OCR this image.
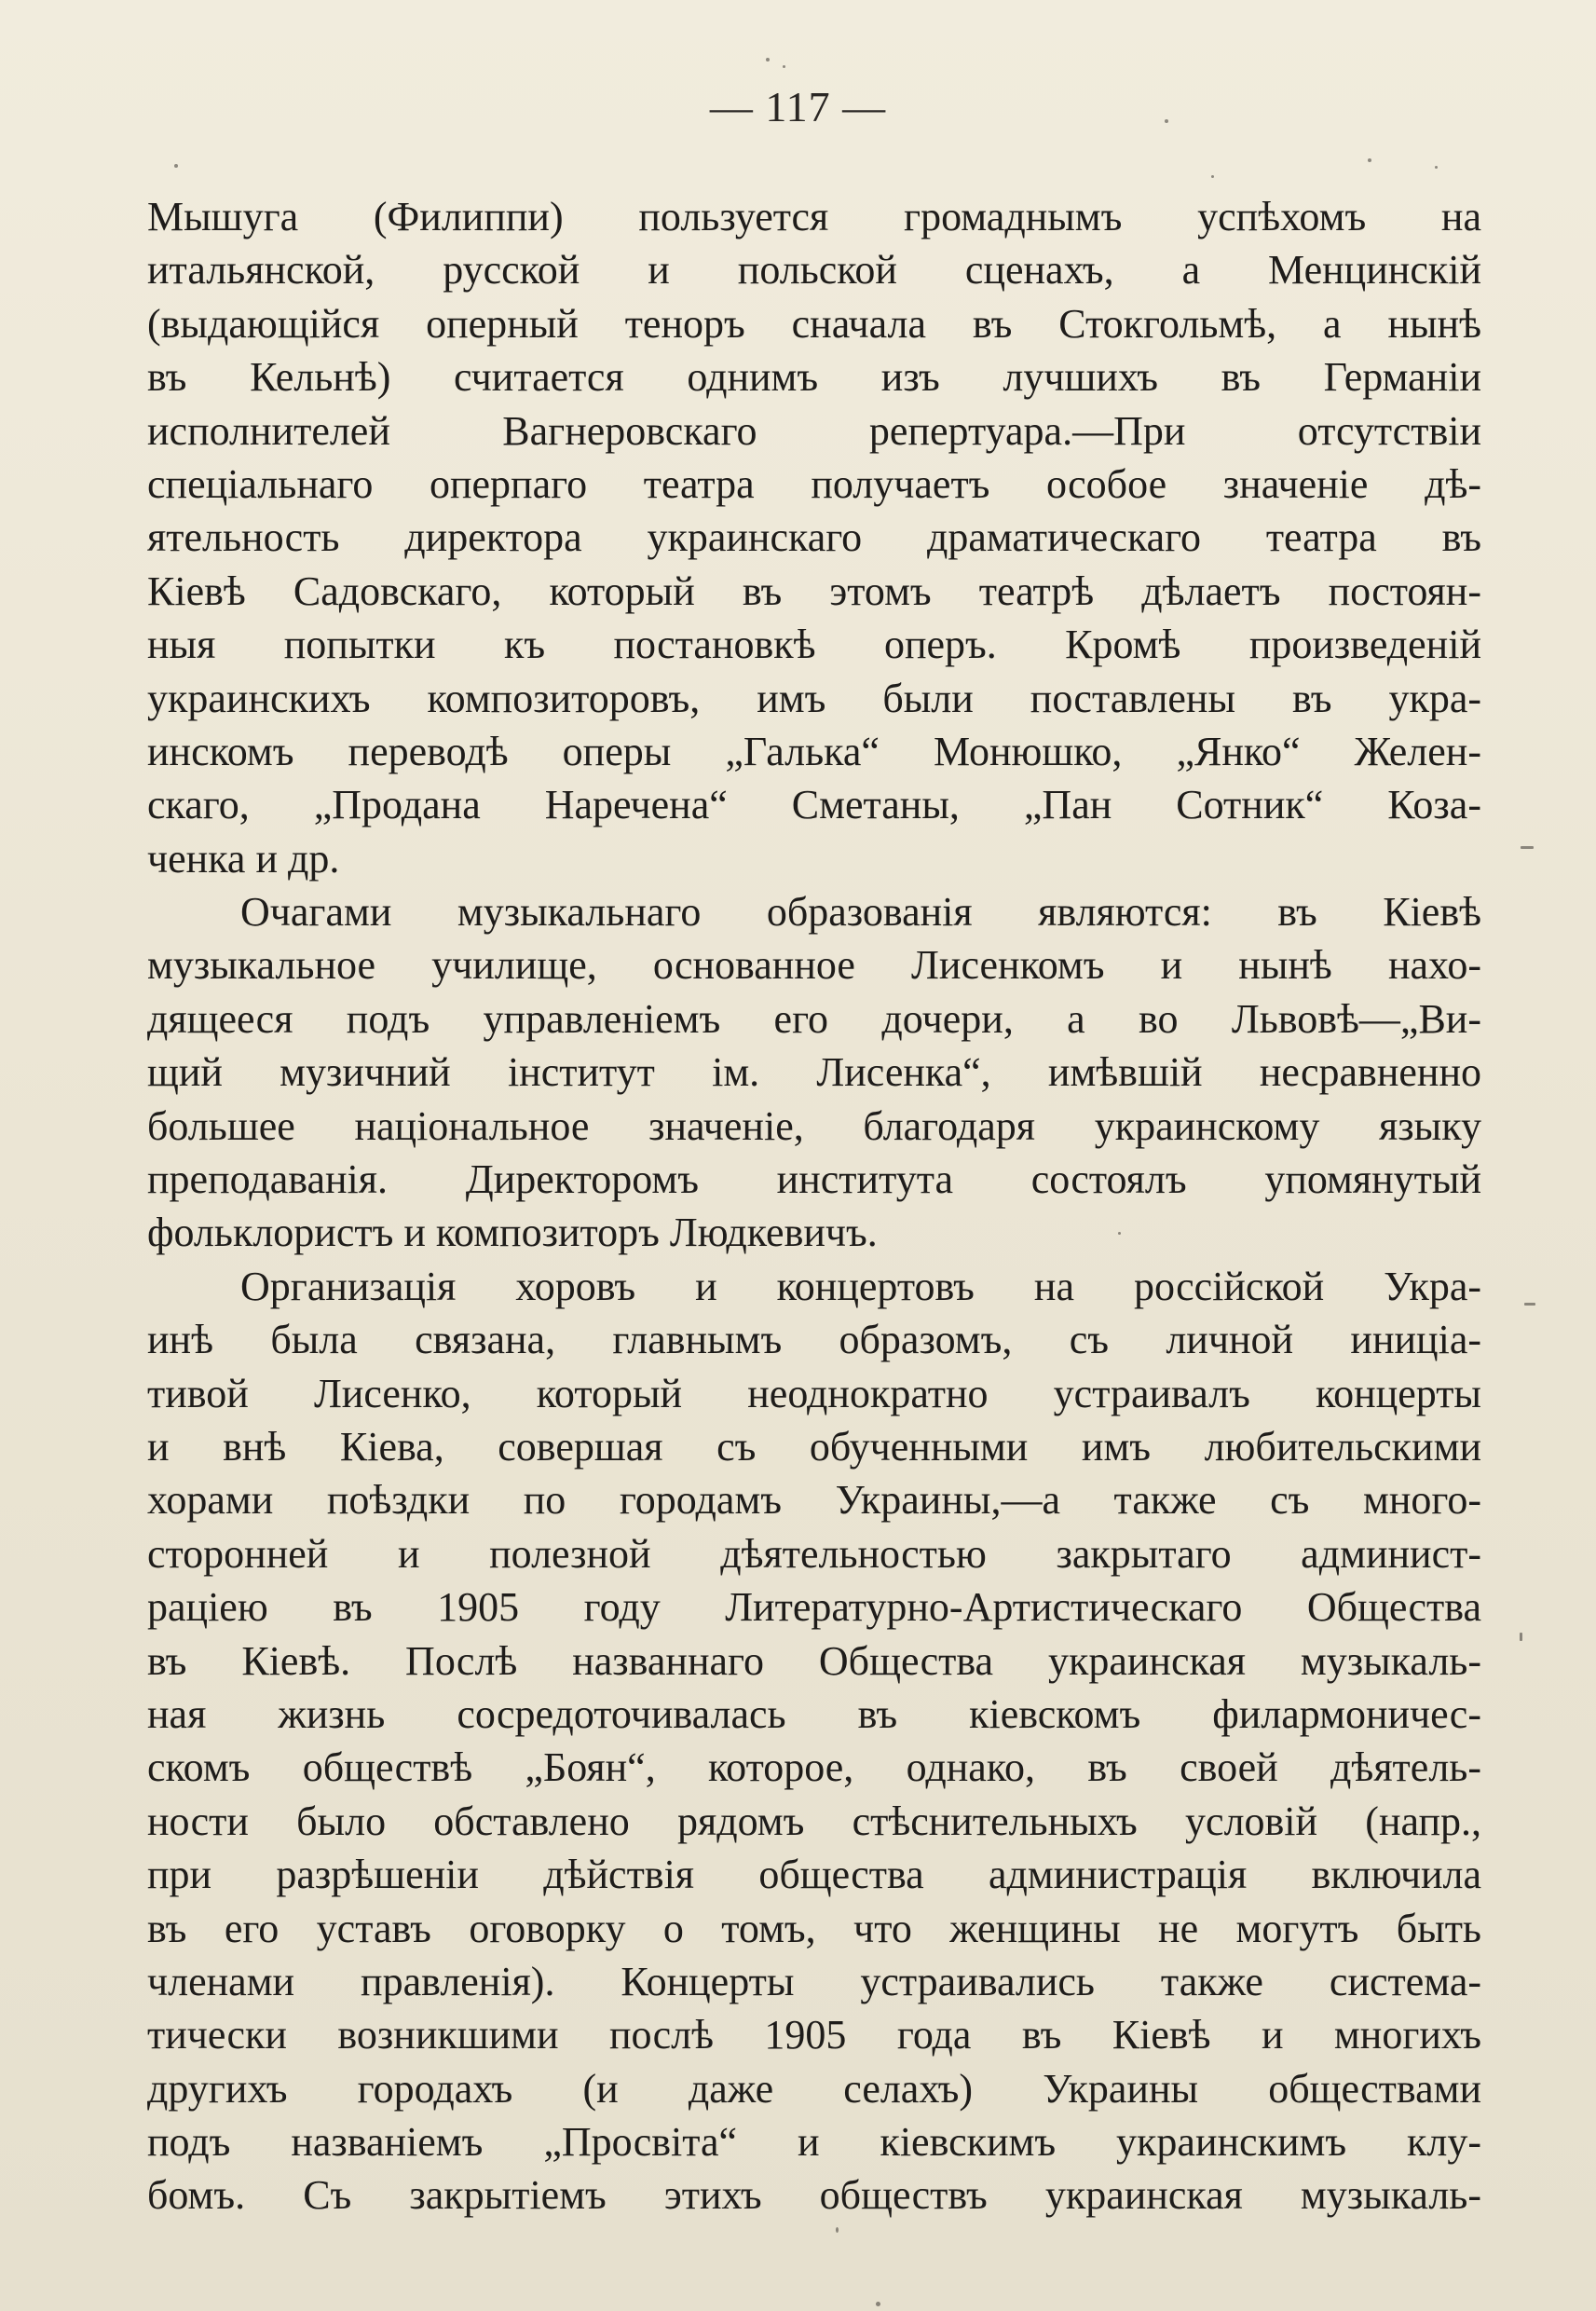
— 117 —
Мышуга (Филиппи) пользуется громаднымъ успѣхомъ на
итальянской, русской и польской сценахъ, а Менцинскій
(выдающійся оперный теноръ сначала въ Стокгольмѣ, а нынѣ
въ Кельнѣ) считается однимъ изъ лучшихъ въ Германіи
исполнителей Вагнеровскаго репертуара.—При отсутствіи
спеціальнаго оперпаго театра получаетъ особое значеніе дѣ-
ятельность директора украинскаго драматическаго театра въ
Кіевѣ Садовскаго, который въ этомъ театрѣ дѣлаетъ постоян-
ныя попытки къ постановкѣ оперъ. Кромѣ произведеній
украинскихъ композиторовъ, имъ были поставлены въ укра-
инскомъ переводѣ оперы „Галька“ Монюшко, „Янко“ Желен-
скаго, „Продана Наречена“ Сметаны, „Пан Сотник“ Коза-
ченка и др.
Очагами музыкальнаго образованія являются: въ Кіевѣ
музыкальное училище, основанное Лисенкомъ и нынѣ нахо-
дящееся подъ управленіемъ его дочери, а во Львовѣ—„Ви-
щий музичний інститут ім. Лисенка“, имѣвшій несравненно
большее національное значеніе, благодаря украинскому языку
преподаванія. Директоромъ института состоялъ упомянутый
фольклористъ и композиторъ Людкевичъ.
Организація хоровъ и концертовъ на россійской Укра-
инѣ была связана, главнымъ образомъ, съ личной иниціа-
тивой Лисенко, который неоднократно устраивалъ концерты
и внѣ Кіева, совершая съ обученными имъ любительскими
хорами поѣздки по городамъ Украины,—а также съ много-
сторонней и полезной дѣятельностью закрытаго админист-
раціею въ 1905 году Литературно-Артистическаго Общества
въ Кіевѣ. Послѣ названнаго Общества украинская музыкаль-
ная жизнь сосредоточивалась въ кіевскомъ филармоничес-
скомъ обществѣ „Боян“, которое, однако, въ своей дѣятель-
ности было обставлено рядомъ стѣснительныхъ условій (напр.,
при разрѣшеніи дѣйствія общества администрація включила
въ его уставъ оговорку о томъ, что женщины не могутъ быть
членами правленія). Концерты устраивались также система-
тически возникшими послѣ 1905 года въ Кіевѣ и многихъ
другихъ городахъ (и даже селахъ) Украины обществами
подъ названіемъ „Просвіта“ и кіевскимъ украинскимъ клу-
бомъ. Съ закрытіемъ этихъ обществъ украинская музыкаль-
